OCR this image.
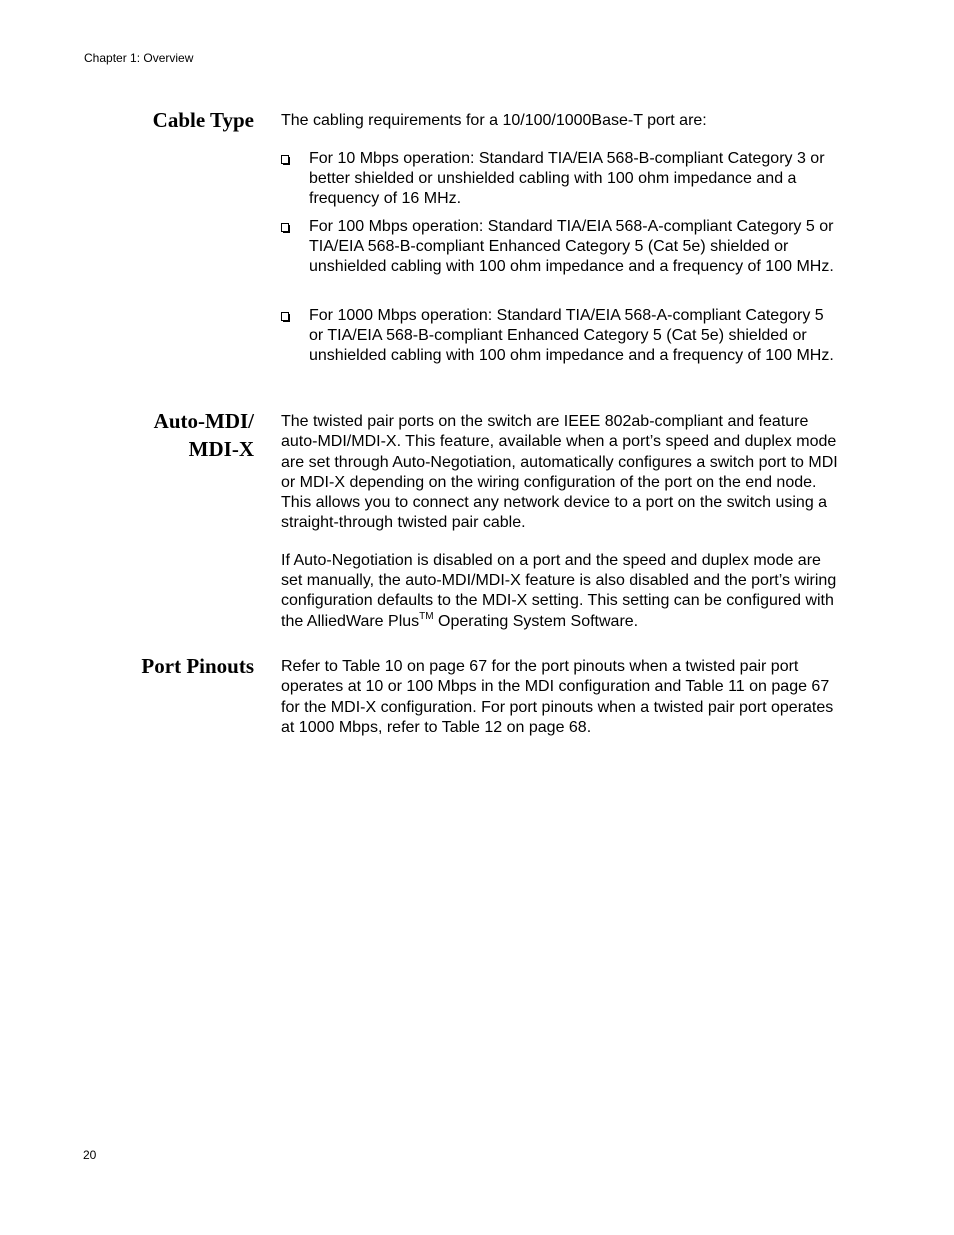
Chapter 1: Overview
Cable Type The cabling requirements for a 10/100/1000Base-T port are:
For 10 Mbps operation: Standard TIA/EIA 568-B-compliant Category 3 or better shielded or unshielded cabling with 100 ohm impedance and a frequency of 16 MHz.
For 100 Mbps operation: Standard TIA/EIA 568-A-compliant Category 5 or TIA/EIA 568-B-compliant Enhanced Category 5 (Cat 5e) shielded or unshielded cabling with 100 ohm impedance and a frequency of 100 MHz.
For 1000 Mbps operation: Standard TIA/EIA 568-A-compliant Category 5 or TIA/EIA 568-B-compliant Enhanced Category 5 (Cat 5e) shielded or unshielded cabling with 100 ohm impedance and a frequency of 100 MHz.
Auto-MDI/
MDI-X

The twisted pair ports on the switch are IEEE 802ab-compliant and feature auto-MDI/MDI-X. This feature, available when a port’s speed and duplex mode are set through Auto-Negotiation, automatically configures a switch port to MDI or MDI-X depending on the wiring configuration of the port on the end node. This allows you to connect any network device to a port on the switch using a straight-through twisted pair cable.

If Auto-Negotiation is disabled on a port and the speed and duplex mode are set manually, the auto-MDI/MDI-X feature is also disabled and the port’s wiring configuration defaults to the MDI-X setting. This setting can be configured with the AlliedWare Plus™ Operating System Software.

Port Pinouts Refer to Table 10 on page 67 for the port pinouts when a twisted pair port operates at 10 or 100 Mbps in the MDI configuration and Table 11 on page 67 for the MDI-X configuration. For port pinouts when a twisted pair port operates at 1000 Mbps, refer to Table 12 on page 68.
20
